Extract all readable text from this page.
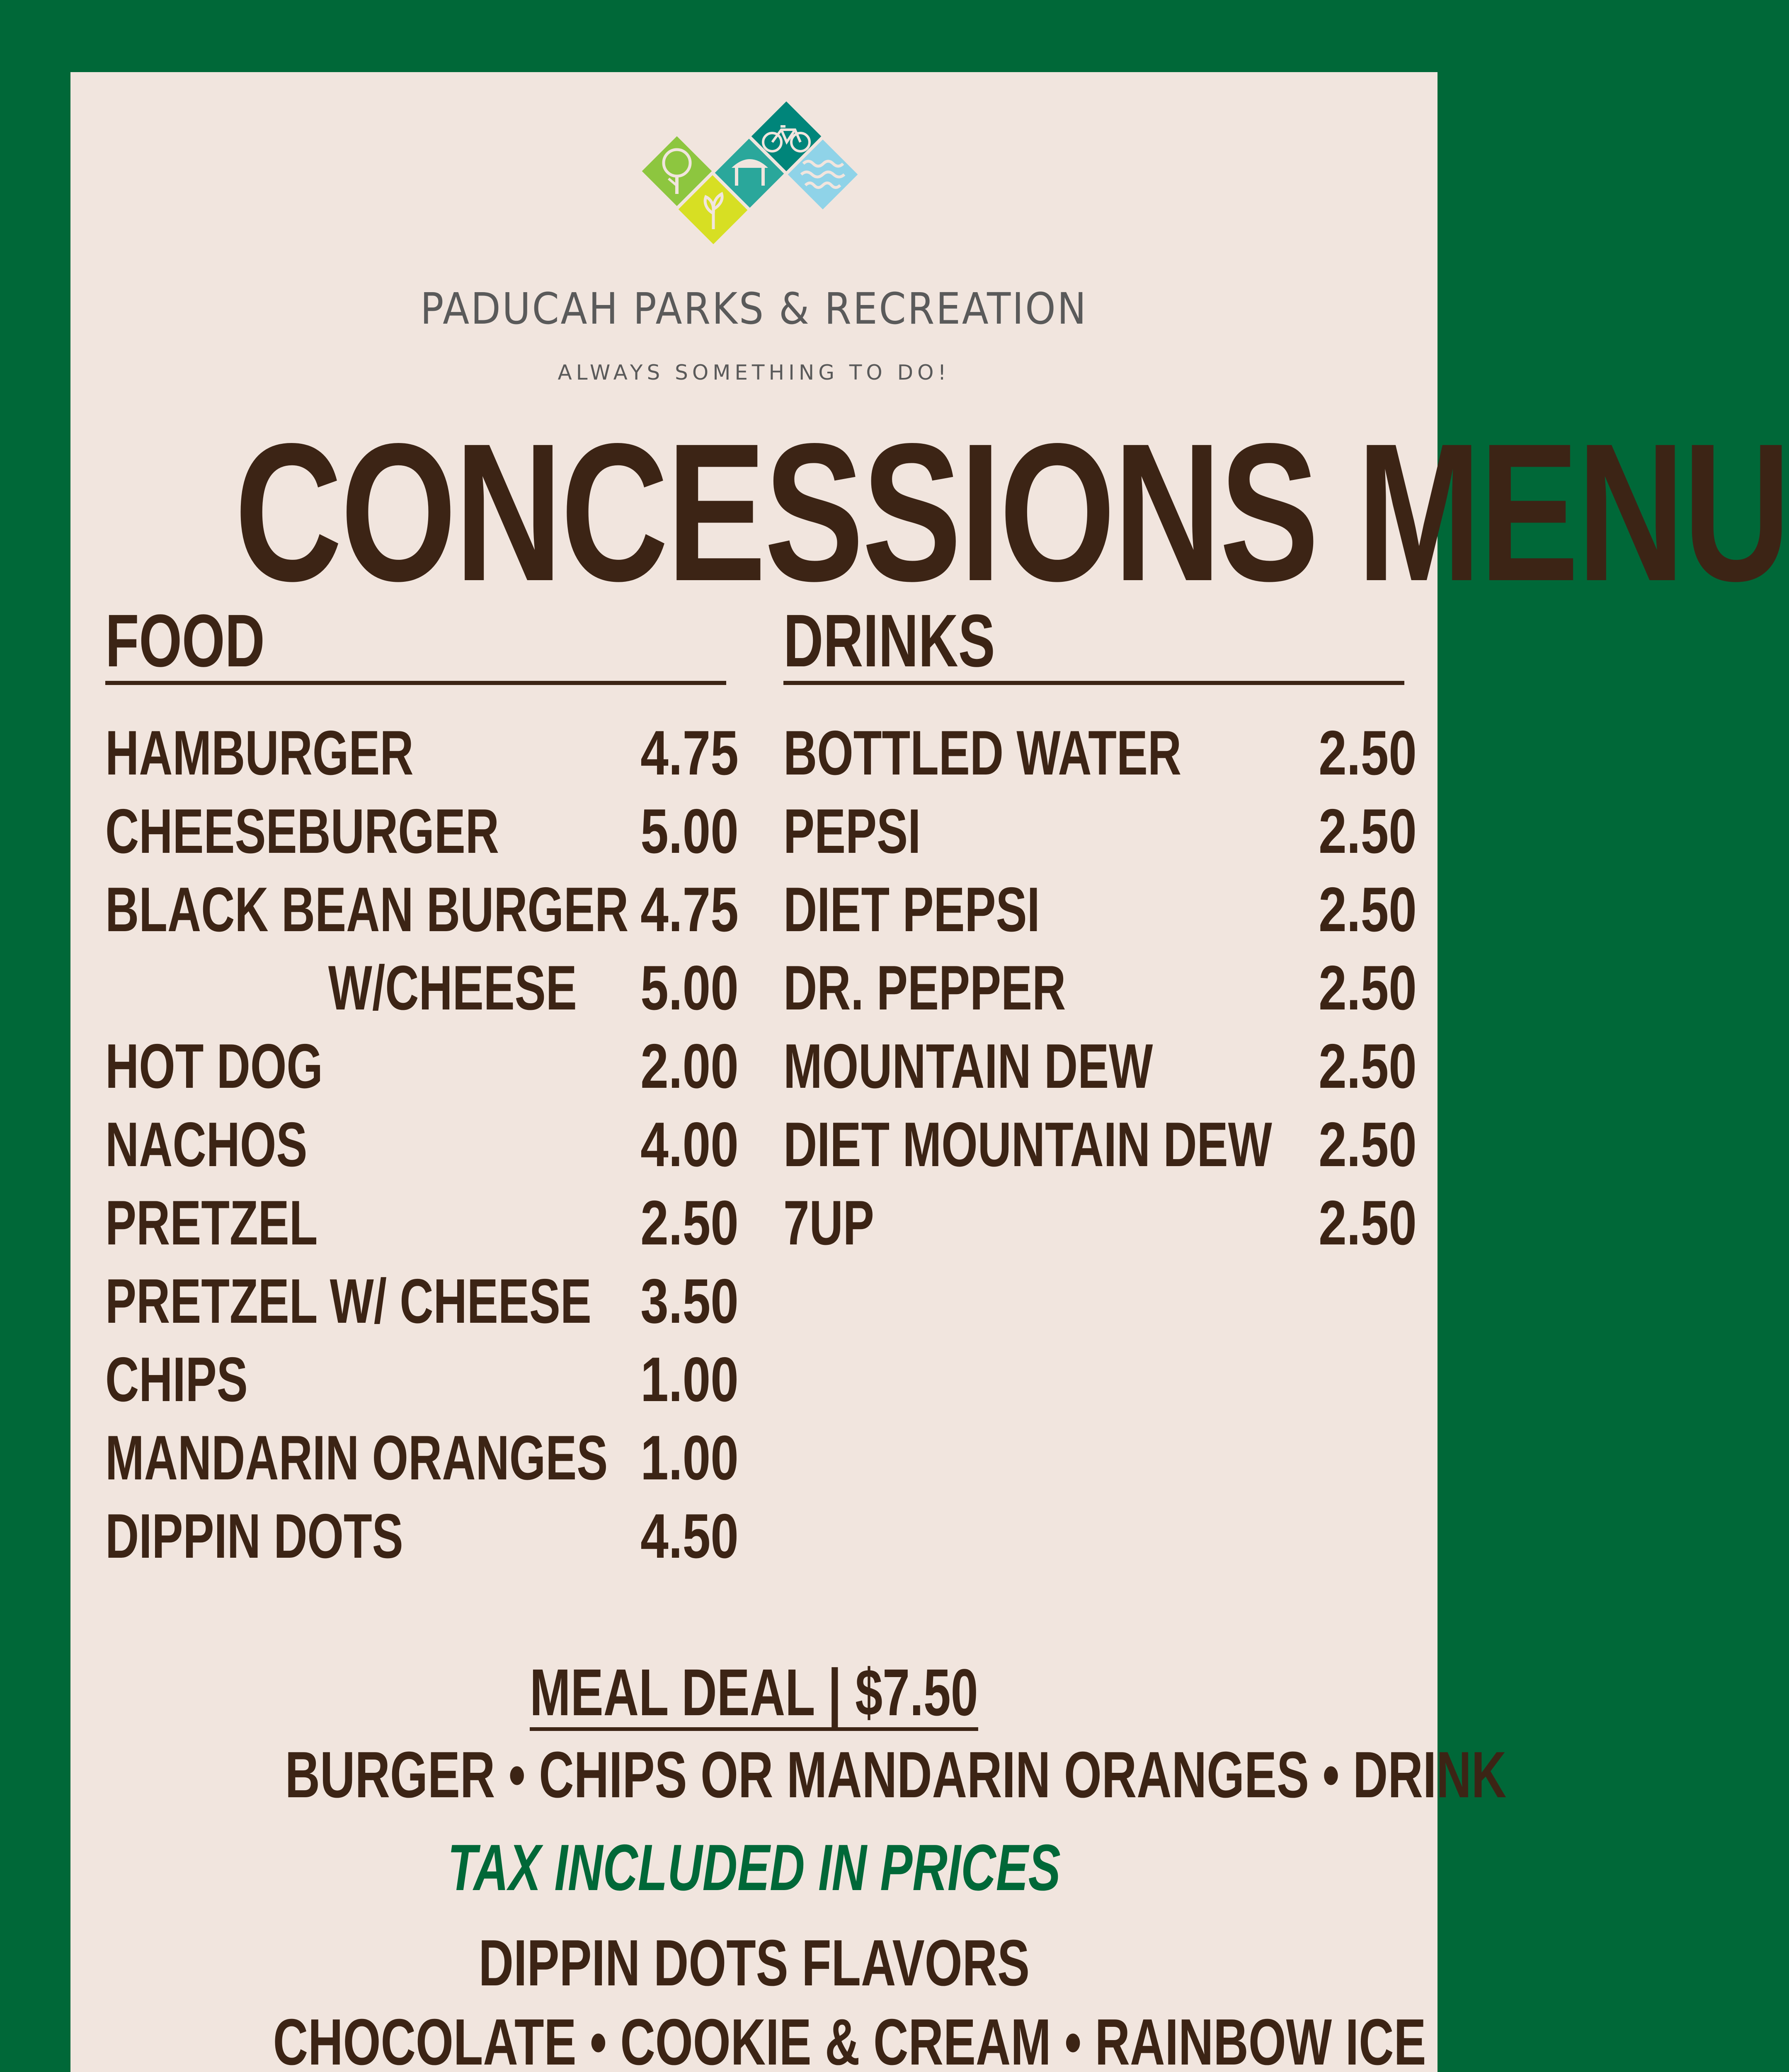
PADUCAH PARKS & RECREATION
ALWAYS SOMETHING TO DO!
CONCESSIONS MENU
FOOD
HAMBURGER	4.75
CHEESEBURGER 5.00
BLACK BEAN BURGER 4.75
W/CHEESE 5.00
HOT DOG	2.00
NACHOS	4.00
PRETZEL	2.50
PRETZEL W/ CHEESE 3.50
CHIPS	1.00
MANDARIN ORANGES 1.00
DIPPIN DOTS	4.50
DRINKS
BOTTLED WATER 2.50
PEPSI	2.50
DIET PEPSI	2.50
DR. PEPPER	2.50
MOUNTAIN DEW	2.50
DIET MOUNTAIN DEW 2.50
7UP	2.50
MEAL DEAL | $7.50
BURGER • CHIPS OR MANDARIN ORANGES • DRINK
TAX INCLUDED IN PRICES
DIPPIN DOTS FLAVORS
CHOCOLATE • COOKIE & CREAM • RAINBOW ICE
